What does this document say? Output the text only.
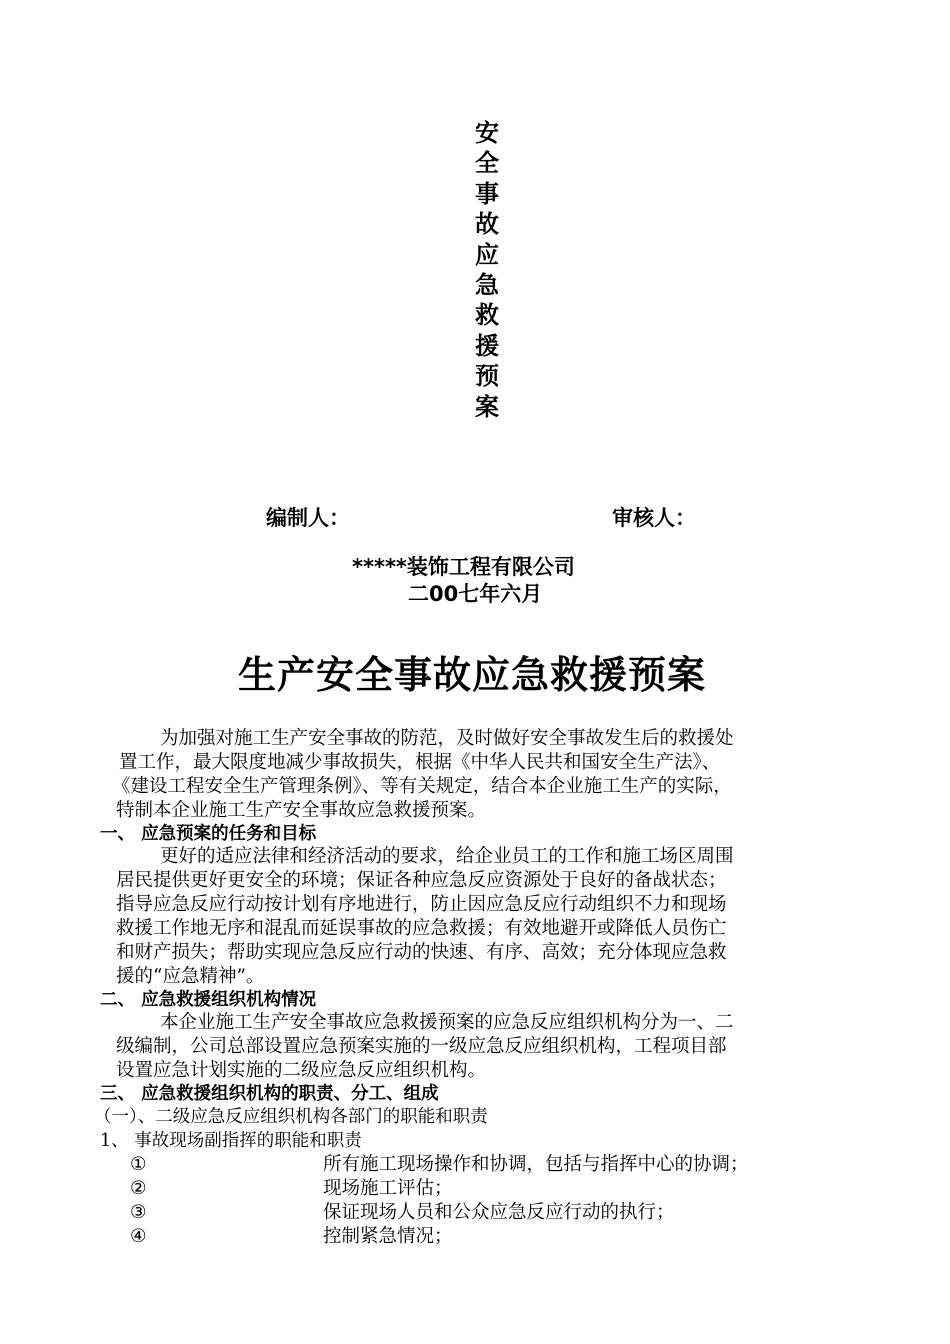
安
全
事
故
应
急
救
援
预
案
编制人：	审核人：
*****装饰工程有限公司
二00七年六月
生产安全事故应急救援预案
为加强对施工生产安全事故的防范，及时做好安全事故发生后的救援处
置工作，最大限度地减少事故损失，根据《中华人民共和国安全生产法》、
《建设工程安全生产管理条例》、等有关规定，结合本企业施工生产的实际，
特制本企业施工生产安全事故应急救援预案。
一、 应急预案的任务和目标
更好的适应法律和经济活动的要求，给企业员工的工作和施工场区周围
居民提供更好更安全的环境；保证各种应急反应资源处于良好的备战状态；
指导应急反应行动按计划有序地进行，防止因应急反应行动组织不力和现场
救援工作地无序和混乱而延误事故的应急救援；有效地避开或降低人员伤亡
和财产损失；帮助实现应急反应行动的快速、有序、高效；充分体现应急救
援的“应急精神”。
二、 应急救援组织机构情况
本企业施工生产安全事故应急救援预案的应急反应组织机构分为一、二
级编制，公司总部设置应急预案实施的一级应急反应组织机构，工程项目部
设置应急计划实施的二级应急反应组织机构。
三、 应急救援组织机构的职责、分工、组成
（一）、二级应急反应组织机构各部门的职能和职责
1、 事故现场副指挥的职能和职责
①	所有施工现场操作和协调，包括与指挥中心的协调；
②	现场施工评估；
③	保证现场人员和公众应急反应行动的执行；
④	控制紧急情况；
